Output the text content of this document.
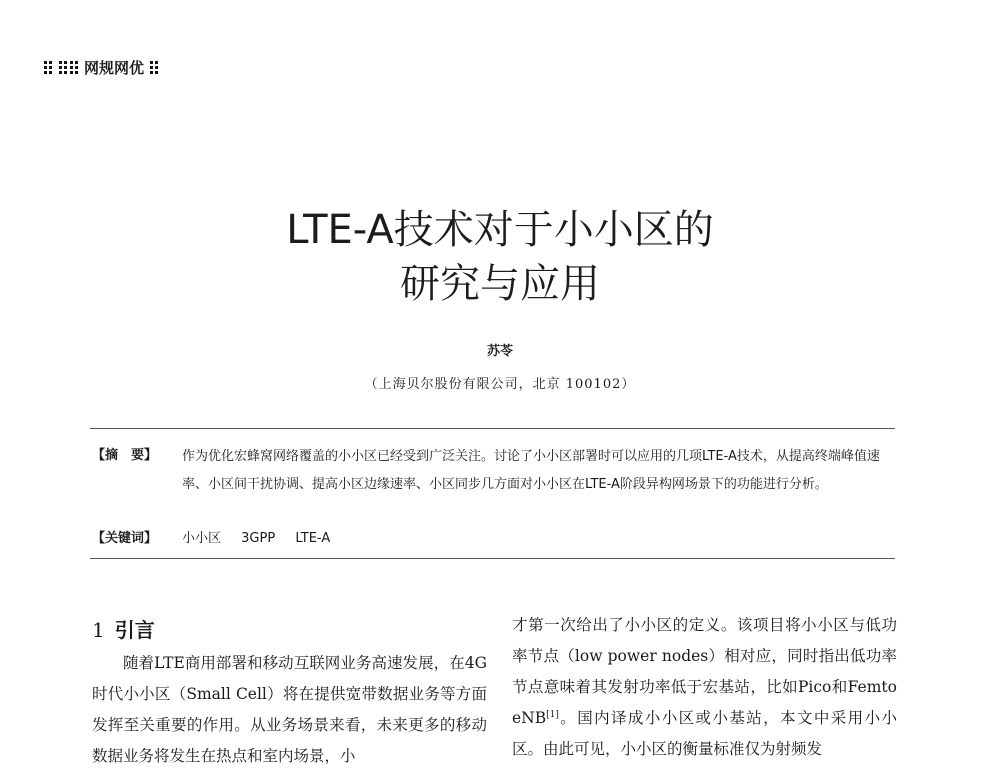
网规网优
LTE-A技术对于小小区的
研究与应用
苏苓
（上海贝尔股份有限公司，北京 100102）
【摘　要】 作为优化宏蜂窝网络覆盖的小小区已经受到广泛关注。讨论了小小区部署时可以应用的几项LTE-A技术，从提高终端峰值速率、小区间干扰协调、提高小区边缘速率、小区同步几方面对小小区在LTE-A阶段异构网场景下的功能进行分析。
【关键词】 小小区 3GPP LTE-A
1 引言
随着LTE商用部署和移动互联网业务高速发展，在4G时代小小区（Small Cell）将在提供宽带数据业务等方面发挥至关重要的作用。从业务场景来看，未来更多的移动数据业务将发生在热点和室内场景，小
才第一次给出了小小区的定义。该项目将小小区与低功率节点（low power nodes）相对应，同时指出低功率节点意味着其发射功率低于宏基站，比如Pico和Femto eNB[1]。国内译成小小区或小基站，本文中采用小小区。由此可见，小小区的衡量标准仅为射频发
